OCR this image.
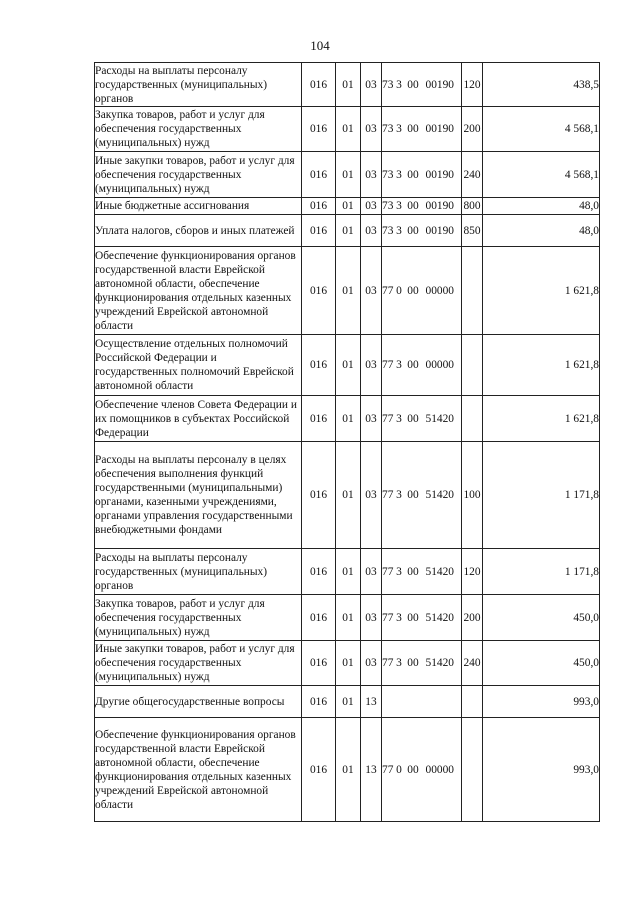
104
Расходы на выплаты персоналу государственных (муниципальных) органов	016	01	03	73 3 00 00190	120	438,5
Закупка товаров, работ и услуг для обеспечения государственных (муниципальных) нужд	016	01	03	73 3 00 00190	200	4 568,1
Иные закупки товаров, работ и услуг для обеспечения государственных (муниципальных) нужд	016	01	03	73 3 00 00190	240	4 568,1
Иные бюджетные ассигнования	016	01	03	73 3 00 00190	800	48,0
Уплата налогов, сборов и иных платежей	016	01	03	73 3 00 00190	850	48,0
Обеспечение функционирования органов государственной власти Еврейской автономной области, обеспечение функционирования отдельных казенных учреждений Еврейской автономной области	016	01	03	77 0 00 00000		1 621,8
Осуществление отдельных полномочий Российской Федерации и государственных полномочий Еврейской автономной области	016	01	03	77 3 00 00000		1 621,8
Обеспечение членов Совета Федерации и их помощников в субъектах Российской Федерации	016	01	03	77 3 00 51420		1 621,8
Расходы на выплаты персоналу в целях обеспечения выполнения функций государственными (муниципальными) органами, казенными учреждениями, органами управления государственными внебюджетными фондами	016	01	03	77 3 00 51420	100	1 171,8
Расходы на выплаты персоналу государственных (муниципальных) органов	016	01	03	77 3 00 51420	120	1 171,8
Закупка товаров, работ и услуг для обеспечения государственных (муниципальных) нужд	016	01	03	77 3 00 51420	200	450,0
Иные закупки товаров, работ и услуг для обеспечения государственных (муниципальных) нужд	016	01	03	77 3 00 51420	240	450,0
Другие общегосударственные вопросы	016	01	13			993,0
Обеспечение функционирования органов государственной власти Еврейской автономной области, обеспечение функционирования отдельных казенных учреждений Еврейской автономной области	016	01	13	77 0 00 00000		993,0
